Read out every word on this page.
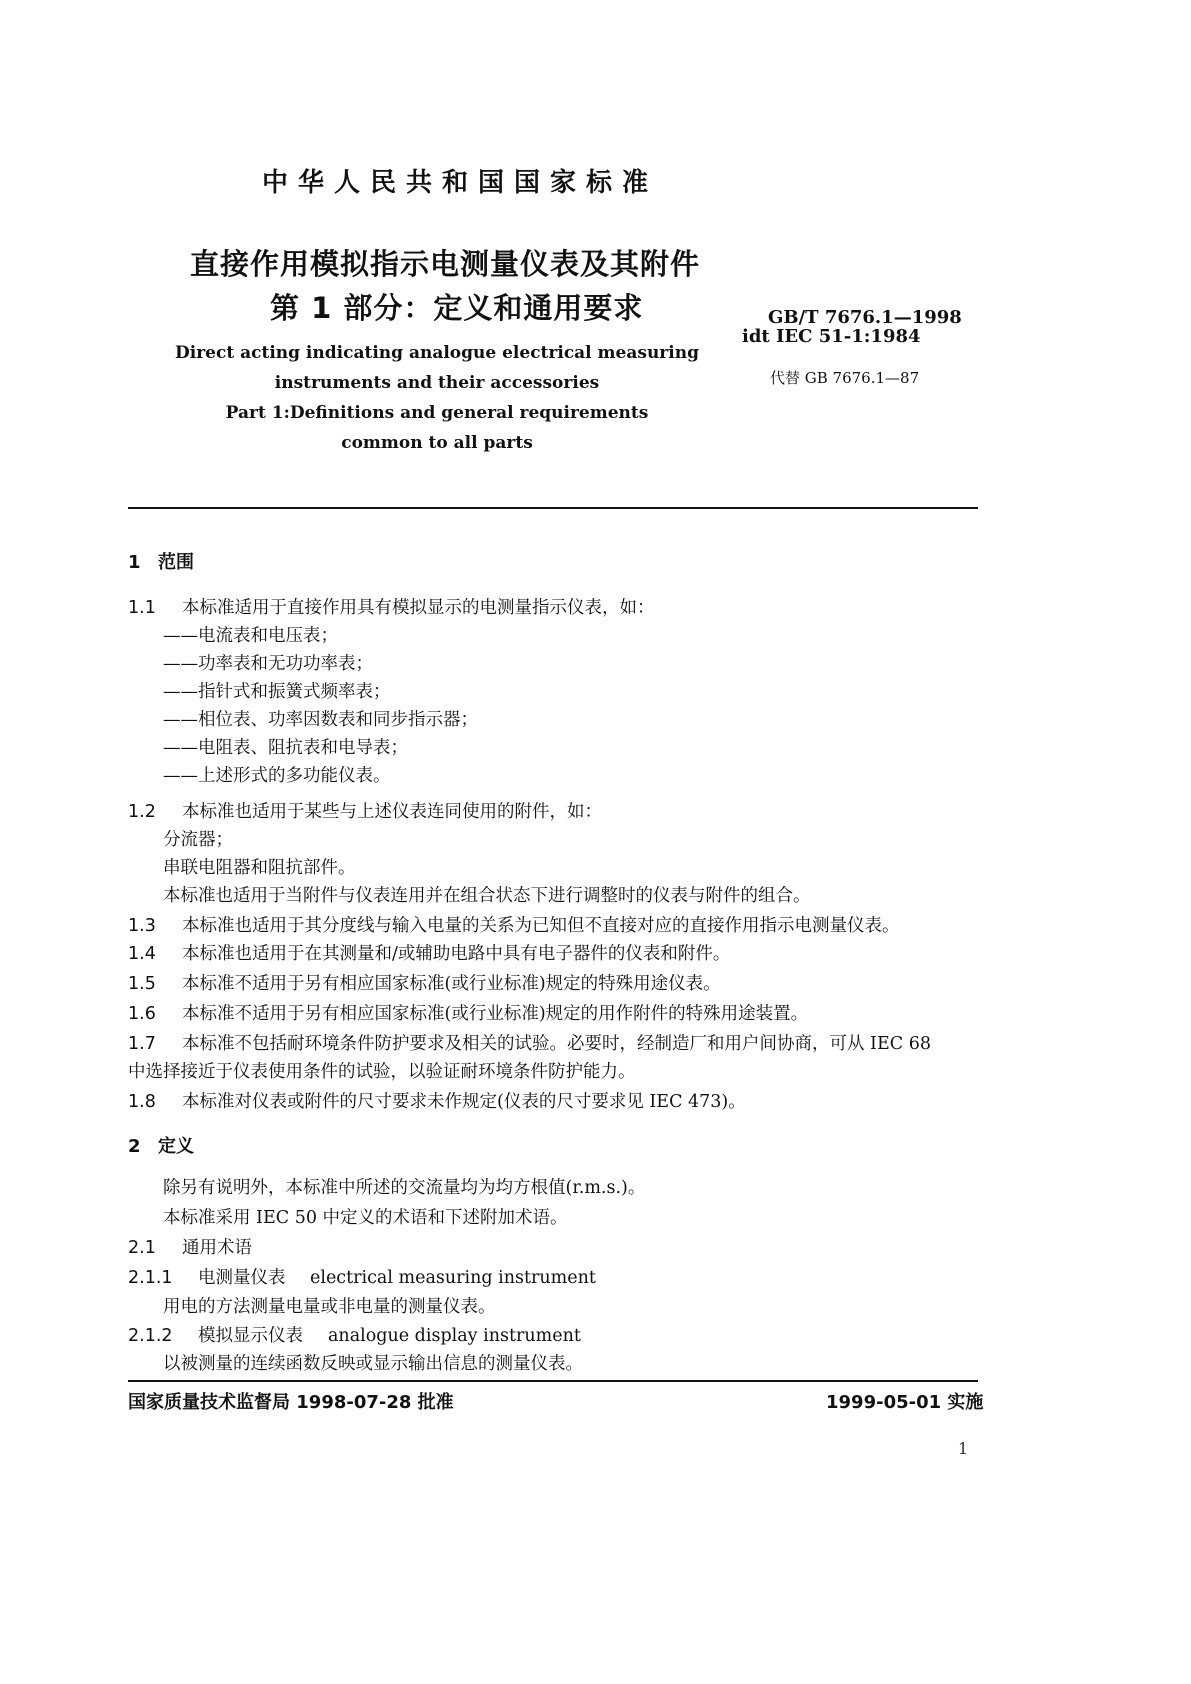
中华人民共和国国家标准
直接作用模拟指示电测量仪表及其附件
第 1 部分：定义和通用要求
Direct acting indicating analogue electrical measuring
instruments and their accessories
Part 1:Definitions and general requirements
common to all parts
GB/T 7676.1—1998
idt IEC 51-1:1984
代替 GB 7676.1—87
1 范围
1.1 本标准适用于直接作用具有模拟显示的电测量指示仪表，如：
——电流表和电压表；
——功率表和无功功率表；
——指针式和振簧式频率表；
——相位表、功率因数表和同步指示器；
——电阻表、阻抗表和电导表；
——上述形式的多功能仪表。
1.2 本标准也适用于某些与上述仪表连同使用的附件，如：
分流器；
串联电阻器和阻抗部件。
本标准也适用于当附件与仪表连用并在组合状态下进行调整时的仪表与附件的组合。
1.3 本标准也适用于其分度线与输入电量的关系为已知但不直接对应的直接作用指示电测量仪表。
1.4 本标准也适用于在其测量和/或辅助电路中具有电子器件的仪表和附件。
1.5 本标准不适用于另有相应国家标准(或行业标准)规定的特殊用途仪表。
1.6 本标准不适用于另有相应国家标准(或行业标准)规定的用作附件的特殊用途装置。
1.7 本标准不包括耐环境条件防护要求及相关的试验。必要时，经制造厂和用户间协商，可从 IEC 68
中选择接近于仪表使用条件的试验，以验证耐环境条件防护能力。
1.8 本标准对仪表或附件的尺寸要求未作规定(仪表的尺寸要求见 IEC 473)。
2 定义
除另有说明外，本标准中所述的交流量均为均方根值(r.m.s.)。
本标准采用 IEC 50 中定义的术语和下述附加术语。
2.1 通用术语
2.1.1 电测量仪表 electrical measuring instrument
用电的方法测量电量或非电量的测量仪表。
2.1.2 模拟显示仪表 analogue display instrument
以被测量的连续函数反映或显示输出信息的测量仪表。
国家质量技术监督局 1998-07-28 批准	1999-05-01 实施
1
